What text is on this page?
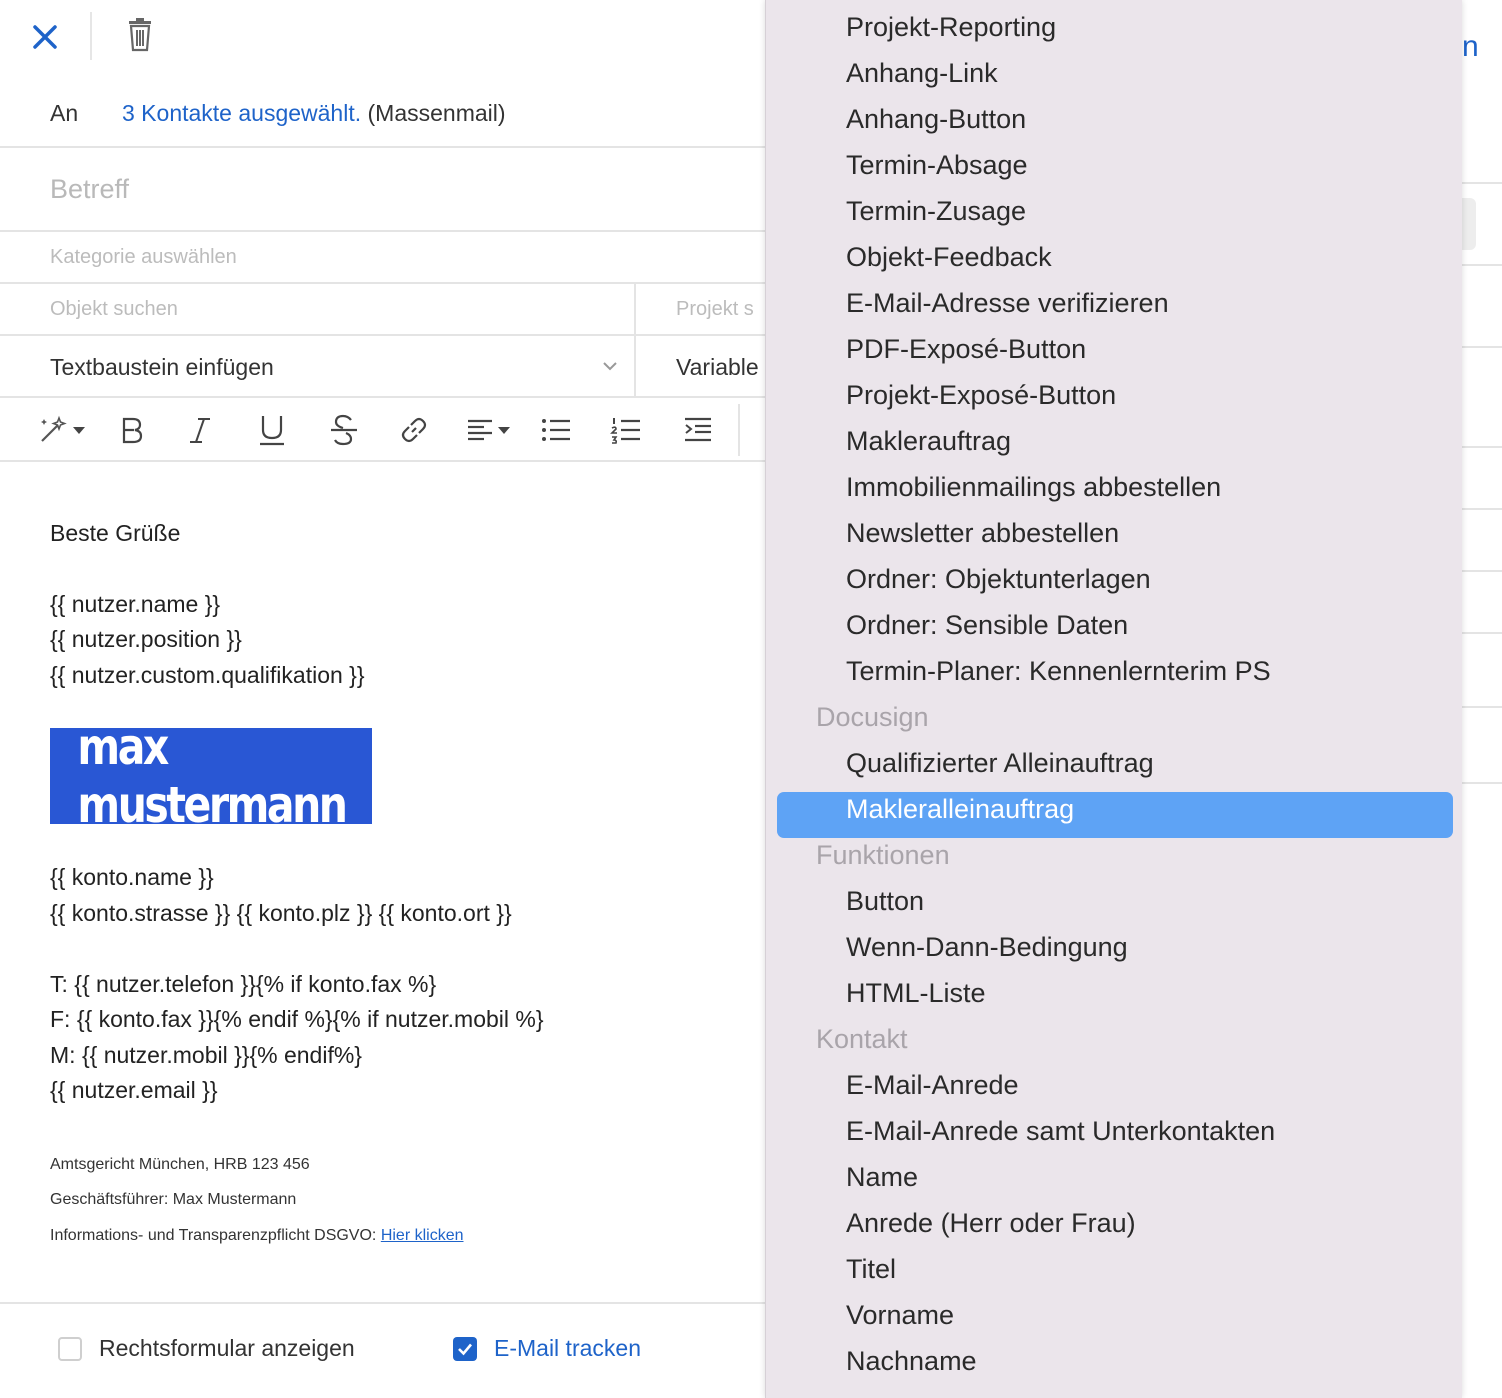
An 3 Kontakte ausgewählt. (Massenmail)
Betreff
Kategorie auswählen
Objekt suchen	Projekt s
Textbaustein einfügen	Variable
Beste Grüße
{{ nutzer.name }}
{{ nutzer.position }}
{{ nutzer.custom.qualifikation }}
max mustermann
{{ konto.name }}
{{ konto.strasse }} {{ konto.plz }} {{ konto.ort }}
T: {{ nutzer.telefon }}{% if konto.fax %}
F: {{ konto.fax }}{% endif %}{% if nutzer.mobil %}
M: {{ nutzer.mobil }}{% endif%}
{{ nutzer.email }}
Amtsgericht München, HRB 123 456
Geschäftsführer: Max Mustermann
Informations- und Transparenzpflicht DSGVO: Hier klicken
Rechtsformular anzeigen	E-Mail tracken
n
Projekt-Reporting
Anhang-Link
Anhang-Button
Termin-Absage
Termin-Zusage
Objekt-Feedback
E-Mail-Adresse verifizieren
PDF-Exposé-Button
Projekt-Exposé-Button
Maklerauftrag
Immobilienmailings abbestellen
Newsletter abbestellen
Ordner: Objektunterlagen
Ordner: Sensible Daten
Termin-Planer: Kennenlernterim PS
Docusign
Qualifizierter Alleinauftrag
Makleralleinauftrag
Funktionen
Button
Wenn-Dann-Bedingung
HTML-Liste
Kontakt
E-Mail-Anrede
E-Mail-Anrede samt Unterkontakten
Name
Anrede (Herr oder Frau)
Titel
Vorname
Nachname
